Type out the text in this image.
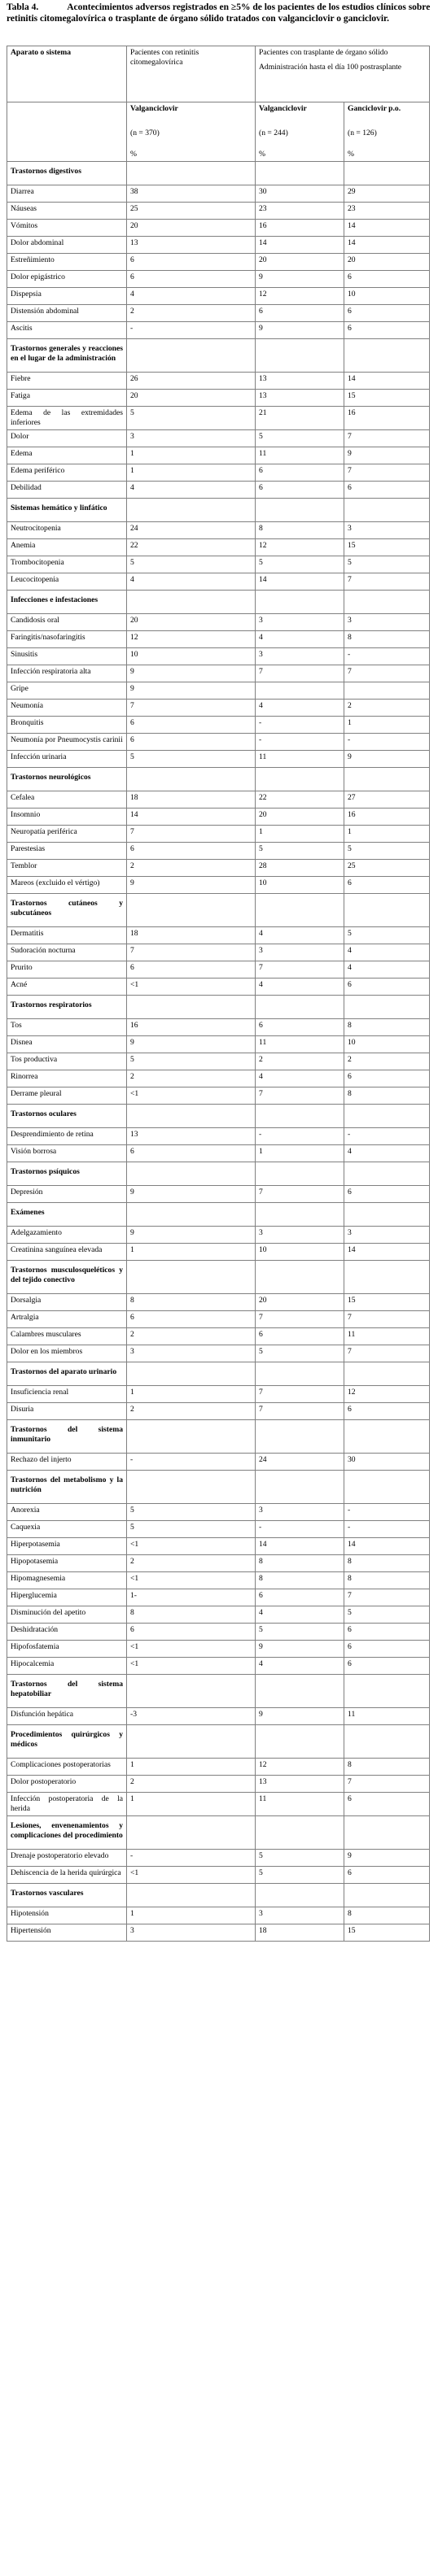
Tabla 4.	Acontecimientos adversos registrados en ≥5% de los pacientes de los estudios clínicos sobre retinitis citomegalovírica o trasplante de órgano sólido tratados con valganciclovir o ganciclovir.
Aparato o sistema	Pacientes con retinitis citomegalovírica	Pacientes con trasplante de órgano sólido
Administración hasta el día 100 postrasplante	

	Valganciclovir
(n = 370)
%	Valganciclovir
(n = 244)
%	Ganciclovir p.o.
(n = 126)
%

Trastornos digestivos			
Diarrea	38	30	29
Náuseas	25	23	23
Vómitos	20	16	14
Dolor abdominal	13	14	14
Estreñimiento	6	20	20
Dolor epigástrico	6	9	6
Dispepsia	4	12	10
Distensión abdominal	2	6	6
Ascitis	-	9	6
Trastornos generales y reacciones en el lugar de la administración			
Fiebre	26	13	14
Fatiga	20	13	15
Edema de las extremidades inferiores	5	21	16
Dolor	3	5	7
Edema	1	11	9
Edema periférico	1	6	7
Debilidad	4	6	6
Sistemas hemático y linfático			
Neutrocitopenia	24	8	3
Anemia	22	12	15
Trombocitopenia	5	5	5
Leucocitopenia	4	14	7
Infecciones e infestaciones			
Candidosis oral	20	3	3
Faringitis/nasofaringitis	12	4	8
Sinusitis	10	3	-
Infección respiratoria alta	9	7	7
Gripe	9		
Neumonía	7	4	2
Bronquitis	6	-	1
Neumonía por Pneumocystis carinii	6	-	-
Infección urinaria	5	11	9
Trastornos neurológicos			
Cefalea	18	22	27
Insomnio	14	20	16
Neuropatía periférica	7	1	1
Parestesias	6	5	5
Temblor	2	28	25
Mareos (excluido el vértigo)	9	10	6
Trastornos cutáneos y subcutáneos			
Dermatitis	18	4	5
Sudoración nocturna	7	3	4
Prurito	6	7	4
Acné	<1	4	6
Trastornos respiratorios			
Tos	16	6	8
Disnea	9	11	10
Tos productiva	5	2	2
Rinorrea	2	4	6
Derrame pleural	<1	7	8
Trastornos oculares			
Desprendimiento de retina	13	-	-
Visión borrosa	6	1	4
Trastornos psíquicos			
Depresión	9	7	6
Exámenes			
Adelgazamiento	9	3	3
Creatinina sanguínea elevada	1	10	14
Trastornos musculosqueléticos y del tejido conectivo			
Dorsalgia	8	20	15
Artralgia	6	7	7
Calambres musculares	2	6	11
Dolor en los miembros	3	5	7
Trastornos del aparato urinario			
Insuficiencia renal	1	7	12
Disuria	2	7	6
Trastornos del sistema inmunitario			
Rechazo del injerto	-	24	30
Trastornos del metabolismo y la nutrición			
Anorexia	5	3	-
Caquexia	5	-	-
Hiperpotasemia	<1	14	14
Hipopotasemia	2	8	8
Hipomagnesemia	<1	8	8
Hiperglucemia	1-	6	7
Disminución del apetito	8	4	5
Deshidratación	6	5	6
Hipofosfatemia	<1	9	6
Hipocalcemia	<1	4	6
Trastornos del sistema hepatobiliar			
Disfunción hepática	-3	9	11
Procedimientos quirúrgicos y médicos			
Complicaciones postoperatorias	1	12	8
Dolor postoperatorio	2	13	7
Infección postoperatoria de la herida	1	11	6
Lesiones, envenenamientos y complicaciones del procedimiento			
Drenaje postoperatorio elevado	-	5	9
Dehiscencia de la herida quirúrgica	<1	5	6
Trastornos vasculares			
Hipotensión	1	3	8
Hipertensión	3	18	15
